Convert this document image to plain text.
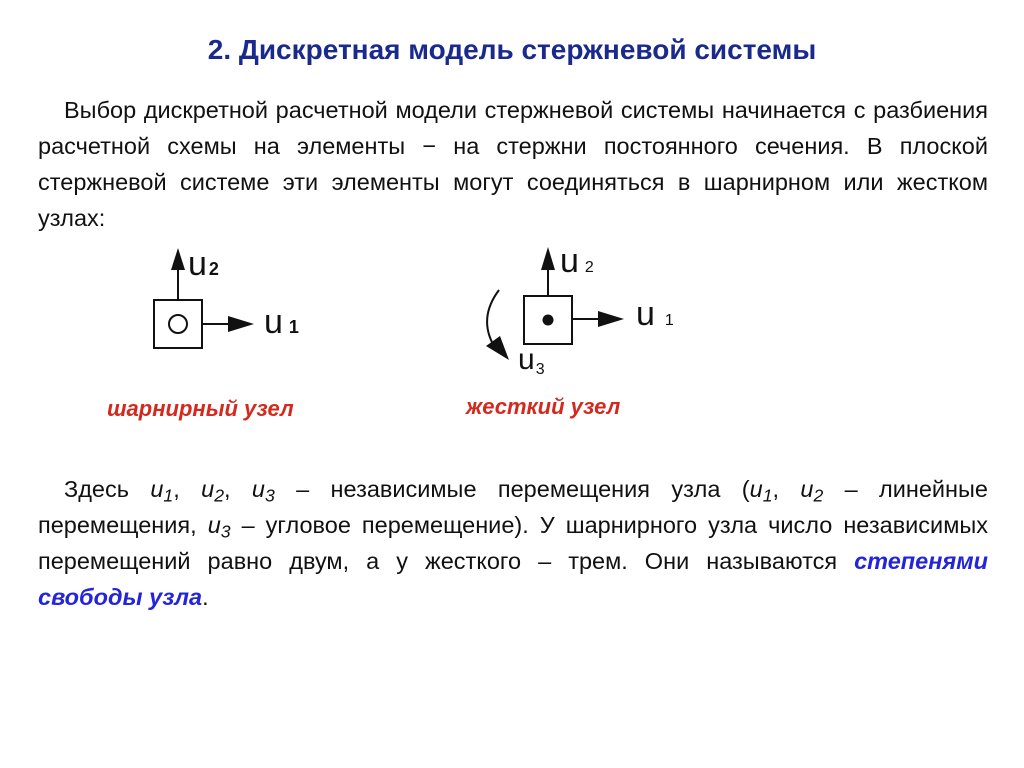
2. Дискретная модель стержневой системы

Выбор дискретной расчетной модели стержневой системы начинается с разбиения расчетной схемы на элементы − на стержни постоянного сечения. В плоской стержневой системе эти элементы могут соединяться в шарнирном или жестком узлах:

u 2
u 1
u 2
u 1
u3

шарнирный узел	жесткий узел

Здесь $u_1$, $u_2$, $u_3$ – независимые перемещения узла ($u_1$, $u_2$ – линейные перемещения, $u_3$ – угловое перемещение). У шарнирного узла число независимых перемещений равно двум, а у жесткого – трем. Они называются степенями свободы узла.
